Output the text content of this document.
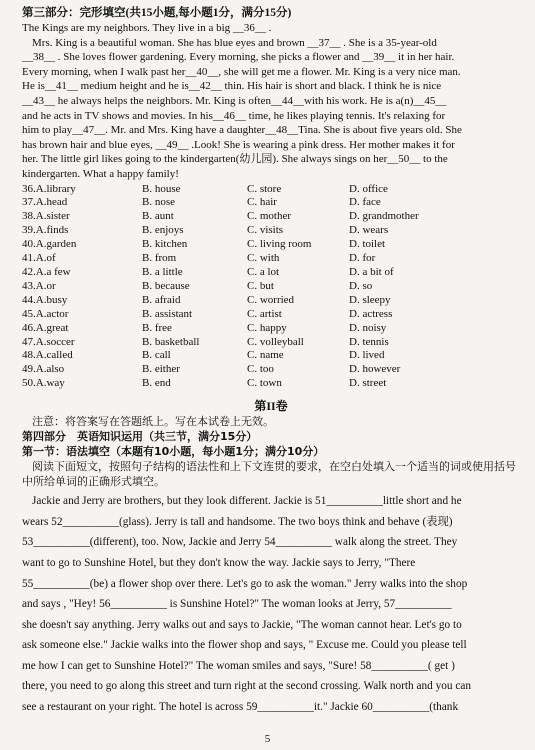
第三部分：完形填空(共15小题,每小题1分，满分15分)

The Kings are my neighbors. They live in a big __36__ .

Mrs. King is a beautiful woman. She has blue eyes and brown __37__ . She is a 35-year-old

__38__ . She loves flower gardening. Every morning, she picks a flower and __39__ it in her hair.

Every morning, when I walk past her__40__, she will get me a flower. Mr. King is a very nice man.

He is__41__ medium height and he is__42__ thin. His hair is short and black. I think he is nice

__43__ he always helps the neighbors. Mr. King is often__44__with his work. He is a(n)__45__

and he acts in TV shows and movies. In his__46__ time, he likes playing tennis. It's relaxing for

him to play__47__. Mr. and Mrs. King have a daughter__48__Tina. She is about five years old. She

has brown hair and blue eyes, __49__ .Look! She is wearing a pink dress. Her mother makes it for

her. The little girl likes going to the kindergarten(幼儿园). She always sings on her__50__ to the

kindergarten. What a happy family!

36.A.library	B. house	C. store	D. office
37.A.head	B. nose	C. hair	D. face
38.A.sister	B. aunt	C. mother	D. grandmother
39.A.finds	B. enjoys	C. visits	D. wears
40.A.garden	B. kitchen	C. living room	D. toilet
41.A.of	B. from	C. with	D. for
42.A.a few	B. a little	C. a lot	D. a bit of
43.A.or	B. because	C. but	D. so
44.A.busy	B. afraid	C. worried	D. sleepy
45.A.actor	B. assistant	C. artist	D. actress
46.A.great	B. free	C. happy	D. noisy
47.A.soccer	B. basketball	C. volleyball	D. tennis
48.A.called	B. call	C. name	D. lived
49.A.also	B. either	C. too	D. however
50.A.way	B. end	C. town	D. street
第II卷
注意：将答案写在答题纸上。写在本试卷上无效。
第四部分　英语知识运用（共三节，满分15分）
第一节：语法填空（本题有10小题，每小题1分；满分10分）
阅读下面短文，按照句子结构的语法性和上下文连贯的要求，在空白处填入一个适当的词或使用括号中所给单词的正确形式填空。

Jackie and Jerry are brothers, but they look different. Jackie is 51__________little short and he

wears 52__________(glass). Jerry is tall and handsome. The two boys think and behave (表现)

53__________(different), too. Now, Jackie and Jerry 54__________ walk along the street. They

want to go to Sunshine Hotel, but they don't know the way. Jackie says to Jerry, "There

55__________(be) a flower shop over there. Let's go to ask the woman." Jerry walks into the shop

and says , "Hey! 56__________ is Sunshine Hotel?" The woman looks at Jerry, 57__________

she doesn't say anything. Jerry walks out and says to Jackie, "The woman cannot hear. Let's go to

ask someone else." Jackie walks into the flower shop and says, " Excuse me. Could you please tell

me how I can get to Sunshine Hotel?" The woman smiles and says, "Sure! 58__________( get )

there, you need to go along this street and turn right at the second crossing. Walk north and you can

see a restaurant on your right. The hotel is across 59__________it." Jackie 60__________(thank

5
